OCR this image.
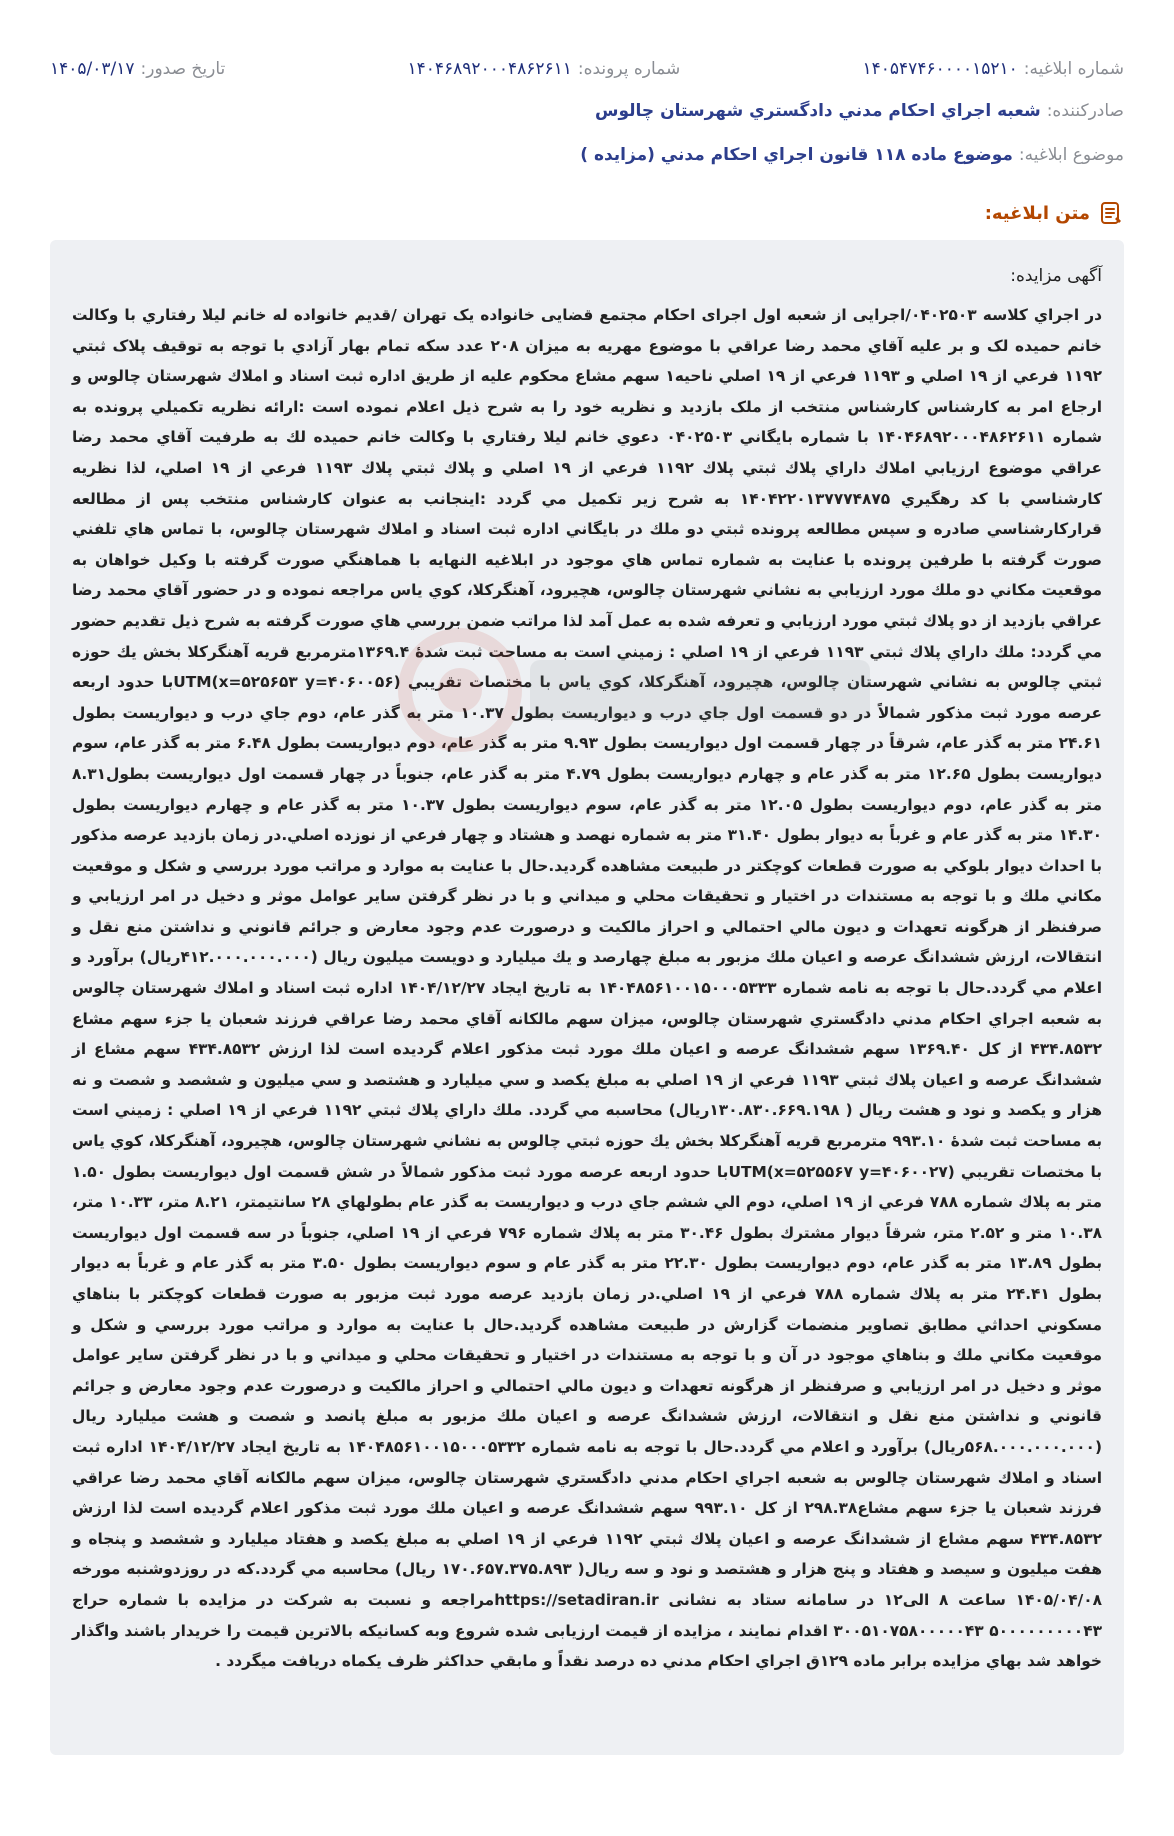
شماره ابلاغيه:
۱۴۰۵۴۷۴۶۰۰۰۰۱۵۲۱۰
شماره پرونده:
۱۴۰۴۶۸۹۲۰۰۰۴۸۶۲۶۱۱
تاريخ صدور:
۱۴۰۵/۰۳/۱۷
صادرکننده:
شعبه اجراي احكام مدني دادگستري شهرستان چالوس
موضوع ابلاغيه:
موضوع ماده ۱۱۸ قانون اجراي احكام مدني (مزايده )
متن ابلاغيه:
آگهی مزایده:

در اجراي كلاسه ۰۴۰۲۵۰۳/اجرایی از شعبه اول اجرای احکام مجتمع قضایی خانواده یک تهران /قدیم خانواده له خانم ليلا رفتاري با وکالت خانم حمیده لک و بر علیه آقاي محمد رضا عراقي با موضوع مهریه به میزان ۲۰۸ عدد سکه تمام بهار آزادي با توجه به توقيف پلاک ثبتي ۱۱۹۲ فرعي از ۱۹ اصلي و ۱۱۹۳ فرعي از ۱۹ اصلي ناحيه۱ سهم مشاع محكوم عليه از طريق اداره ثبت اسناد و املاك شهرستان چالوس و ارجاع امر به كارشناس كارشناس منتخب از ملک بازدید و نظريه خود را به شرح ذیل اعلام نموده است :ارائه نظريه تكميلي پرونده به شماره ۱۴۰۴۶۸۹۲۰۰۰۴۸۶۲۶۱۱ با شماره بايگاني ۰۴۰۲۵۰۳ دعوي خانم ليلا رفتاري با وكالت خانم حميده لك به طرفيت آقاي محمد رضا عراقي موضوع ارزيابي املاك داراي پلاك ثبتي پلاك ۱۱۹۲ فرعي از ۱۹ اصلي و پلاك ثبتي پلاك ۱۱۹۳ فرعي از ۱۹ اصلي، لذا نظريه كارشناسي با كد رهگيري ۱۴۰۴۲۲۰۱۳۷۷۷۴۸۷۵ به شرح زير تكميل مي گردد :اينجانب به عنوان كارشناس منتخب پس از مطالعه قراركارشناسي صادره و سپس مطالعه پرونده ثبتي دو ملك در بايگاني اداره ثبت اسناد و املاك شهرستان چالوس، با تماس هاي تلفني صورت گرفته با طرفين پرونده با عنايت به شماره تماس هاي موجود در ابلاغيه النهايه با هماهنگي صورت گرفته با وكيل خواهان به موقعيت مكاني دو ملك مورد ارزيابي به نشاني شهرستان چالوس، هچيرود، آهنگركلا، كوي ياس مراجعه نموده و در حضور آقاي محمد رضا عراقي بازديد از دو پلاك ثبتي مورد ارزيابي و تعرفه شده به عمل آمد لذا مراتب ضمن بررسي هاي صورت گرفته به شرح ذيل تقديم حضور مي گردد: ملك داراي پلاك ثبتي ۱۱۹۳ فرعي از ۱۹ اصلي : زميني است به مساحت ثبت شدهٔ ۱۳۶۹.۴مترمربع قريه آهنگركلا بخش يك حوزه ثبتي چالوس به نشاني شهرستان چالوس، هچيرود، آهنگركلا، كوي ياس با مختصات تقريبي (UTM(x=۵۲۵۶۵۳ y=۴۰۶۰۰۵۶با حدود اربعه عرصه مورد ثبت مذكور شمالاً در دو قسمت اول جاي درب و ديواريست بطول ۱۰.۳۷ متر به گذر عام، دوم جاي درب و ديواريست بطول ۲۴.۶۱ متر به گذر عام، شرقاً در چهار قسمت اول ديواريست بطول ۹.۹۳ متر به گذر عام، دوم ديواريست بطول ۶.۴۸ متر به گذر عام، سوم ديواريست بطول ۱۲.۶۵ متر به گذر عام و چهارم ديواريست بطول ۴.۷۹ متر به گذر عام، جنوباً در چهار قسمت اول ديواريست بطول۸.۳۱ متر به گذر عام، دوم ديواريست بطول ۱۲.۰۵ متر به گذر عام، سوم ديواريست بطول ۱۰.۳۷ متر به گذر عام و چهارم ديواريست بطول ۱۴.۳۰ متر به گذر عام و غرباً به ديوار بطول ۳۱.۴۰ متر به شماره نهصد و هشتاد و چهار فرعي از نوزده اصلي.در زمان بازديد عرصه مذكور با احداث ديوار بلوكي به صورت قطعات كوچكتر در طبيعت مشاهده گرديد.حال با عنايت به موارد و مراتب مورد بررسي و شكل و موقعيت مكاني ملك و با توجه به مستندات در اختيار و تحقيقات محلي و ميداني و با در نظر گرفتن ساير عوامل موثر و دخيل در امر ارزيابي و صرفنظر از هرگونه تعهدات و ديون مالي احتمالي و احراز مالكيت و درصورت عدم وجود معارض و جرائم قانوني و نداشتن منع نقل و انتقالات، ارزش ششدانگ عرصه و اعيان ملك مزبور به مبلغ چهارصد و يك ميليارد و دويست ميليون ريال (۴۱۲.۰۰۰.۰۰۰.۰۰۰ريال) برآورد و اعلام مي گردد.حال با توجه به نامه شماره ۱۴۰۴۸۵۶۱۰۰۱۵۰۰۰۵۳۳۳ به تاريخ ايجاد ۱۴۰۴/۱۲/۲۷ اداره ثبت اسناد و املاك شهرستان چالوس به شعبه اجراي احكام مدني دادگستري شهرستان چالوس، ميزان سهم مالكانه آقاي محمد رضا عراقي فرزند شعبان يا جزء سهم مشاع ۴۳۴.۸۵۳۲ از كل ۱۳۶۹.۴۰ سهم ششدانگ عرصه و اعيان ملك مورد ثبت مذكور اعلام گرديده است لذا ارزش ۴۳۴.۸۵۳۲ سهم مشاع از ششدانگ عرصه و اعيان پلاك ثبتي ۱۱۹۳ فرعي از ۱۹ اصلي به مبلغ يكصد و سي ميليارد و هشتصد و سي ميليون و ششصد و شصت و نه هزار و يكصد و نود و هشت ريال ( ۱۳۰.۸۳۰.۶۶۹.۱۹۸ريال) محاسبه مي گردد. ملك داراي پلاك ثبتي ۱۱۹۲ فرعي از ۱۹ اصلي : زميني است به مساحت ثبت شدهٔ ۹۹۳.۱۰ مترمربع قريه آهنگركلا بخش يك حوزه ثبتي چالوس به نشاني شهرستان چالوس، هچيرود، آهنگركلا، كوي ياس با مختصات تقريبي (UTM(x=۵۲۵۵۶۷ y=۴۰۶۰۰۲۷با حدود اربعه عرصه مورد ثبت مذكور شمالاً در شش قسمت اول ديواريست بطول ۱.۵۰ متر به پلاك شماره ۷۸۸ فرعي از ۱۹ اصلي، دوم الي ششم جاي درب و ديواريست به گذر عام بطولهاي ۲۸ سانتيمتر، ۸.۲۱ متر، ۱۰.۳۳ متر، ۱۰.۳۸ متر و ۲.۵۲ متر، شرقاً ديوار مشترك بطول ۳۰.۴۶ متر به پلاك شماره ۷۹۶ فرعي از ۱۹ اصلي، جنوباً در سه قسمت اول ديواريست بطول ۱۳.۸۹ متر به گذر عام، دوم ديواريست بطول ۲۲.۳۰ متر به گذر عام و سوم ديواريست بطول ۳.۵۰ متر به گذر عام و غرباً به ديوار بطول ۲۴.۴۱ متر به پلاك شماره ۷۸۸ فرعي از ۱۹ اصلي.در زمان بازديد عرصه مورد ثبت مزبور به صورت قطعات كوچكتر با بناهاي مسكوني احداثي مطابق تصاوير منضمات گزارش در طبيعت مشاهده گرديد.حال با عنايت به موارد و مراتب مورد بررسي و شكل و موقعيت مكاني ملك و بناهاي موجود در آن و با توجه به مستندات در اختيار و تحقيقات محلي و ميداني و با در نظر گرفتن ساير عوامل موثر و دخيل در امر ارزيابي و صرفنظر از هرگونه تعهدات و ديون مالي احتمالي و احراز مالكيت و درصورت عدم وجود معارض و جرائم قانوني و نداشتن منع نقل و انتقالات، ارزش ششدانگ عرصه و اعيان ملك مزبور به مبلغ پانصد و شصت و هشت ميليارد ريال (۵۶۸.۰۰۰.۰۰۰.۰۰۰ريال) برآورد و اعلام مي گردد.حال با توجه به نامه شماره ۱۴۰۴۸۵۶۱۰۰۱۵۰۰۰۵۳۳۲ به تاريخ ايجاد ۱۴۰۴/۱۲/۲۷ اداره ثبت اسناد و املاك شهرستان چالوس به شعبه اجراي احكام مدني دادگستري شهرستان چالوس، ميزان سهم مالكانه آقاي محمد رضا عراقي فرزند شعبان يا جزء سهم مشاع۲۹۸.۳۸ از كل ۹۹۳.۱۰ سهم ششدانگ عرصه و اعيان ملك مورد ثبت مذكور اعلام گرديده است لذا ارزش ۴۳۴.۸۵۳۲ سهم مشاع از ششدانگ عرصه و اعيان پلاك ثبتي ۱۱۹۲ فرعي از ۱۹ اصلي به مبلغ يكصد و هفتاد ميليارد و ششصد و پنجاه و هفت ميليون و سيصد و هفتاد و پنج هزار و هشتصد و نود و سه ريال( ۱۷۰.۶۵۷.۳۷۵.۸۹۳ ريال) محاسبه مي گردد.كه در روزدوشنبه مورخه ۱۴۰۵/۰۴/۰۸ ساعت ۸ الی۱۲ در سامانه ستاد به نشانی https://setadiran.irمراجعه و نسبت به شرکت در مزایده با شماره حراج ۵۰۰۰۰۰۰۰۰۰۴۳ ۳۰۰۵۱۰۷۵۸۰۰۰۰۰۴۳ اقدام نمایند ، مزایده از قیمت ارزیابی شده شروع وبه کسانیکه بالاترین قیمت را خریدار باشند واگذار خواهد شد بهاي مزايده برابر ماده ۱۲۹ق اجراي احكام مدني ده درصد نقداً و مابقي حداكثر ظرف يكماه دريافت ميگردد .
